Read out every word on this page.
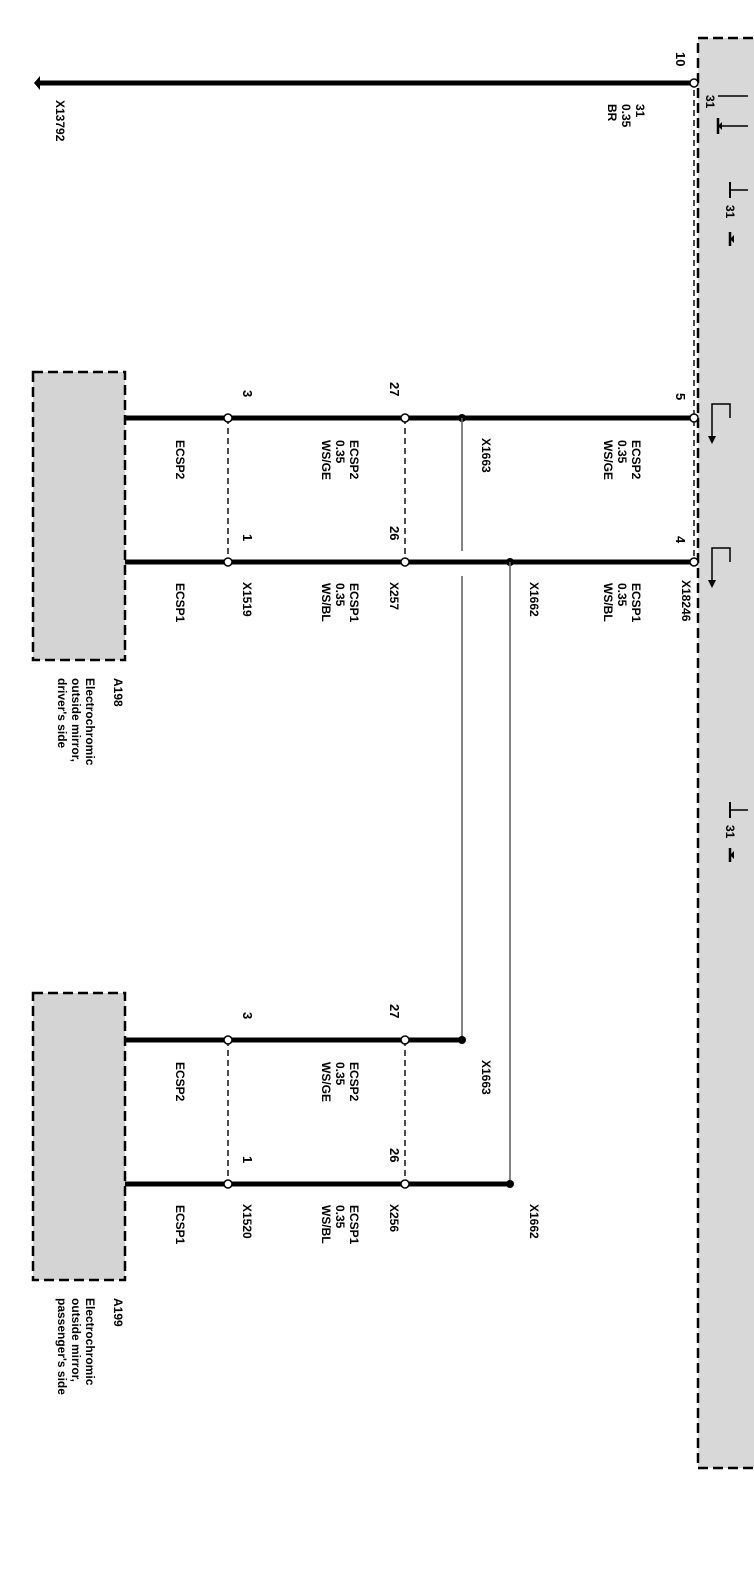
10
31
0.35
BR
X13792	31
31
31
5
4
X18246
ECSP2
0.35
WS/GE
ECSP1
0.35
WS/BL
X1663
X1662
27
26
X257
ECSP2
0.35
WS/GE
ECSP1
0.35
WS/BL
3
1
X1519
ECSP2
ECSP1
A198
Electrochromic
outside mirror,
driver's side
X1663
X1662
27
26
X256
ECSP2
0.35
WS/GE
ECSP1
0.35
WS/BL
3
1
X1520
ECSP2
ECSP1
A199
Electrochromic
outside mirror,
passenger's side
